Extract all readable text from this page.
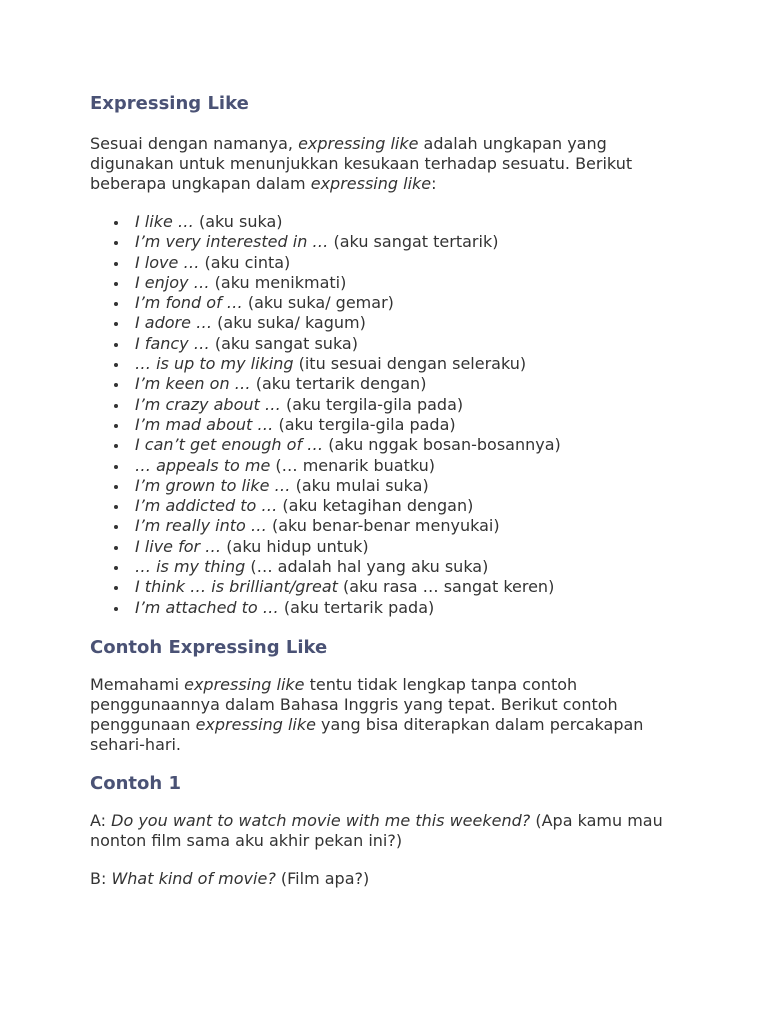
Expressing Like

Sesuai dengan namanya, expressing like adalah ungkapan yang digunakan untuk menunjukkan kesukaan terhadap sesuatu. Berikut beberapa ungkapan dalam expressing like:

I like … (aku suka)
I’m very interested in … (aku sangat tertarik)
I love … (aku cinta)
I enjoy … (aku menikmati)
I’m fond of … (aku suka/ gemar)
I adore … (aku suka/ kagum)
I fancy … (aku sangat suka)
… is up to my liking (itu sesuai dengan seleraku)
I’m keen on … (aku tertarik dengan)
I’m crazy about … (aku tergila-gila pada)
I’m mad about … (aku tergila-gila pada)
I can’t get enough of … (aku nggak bosan-bosannya)
… appeals to me (… menarik buatku)
I’m grown to like … (aku mulai suka)
I’m addicted to … (aku ketagihan dengan)
I’m really into … (aku benar-benar menyukai)
I live for … (aku hidup untuk)
… is my thing (… adalah hal yang aku suka)
I think … is brilliant/great (aku rasa … sangat keren)
I’m attached to … (aku tertarik pada)
Contoh Expressing Like

Memahami expressing like tentu tidak lengkap tanpa contoh penggunaannya dalam Bahasa Inggris yang tepat. Berikut contoh penggunaan expressing like yang bisa diterapkan dalam percakapan sehari-hari.

Contoh 1

A: Do you want to watch movie with me this weekend? (Apa kamu mau nonton film sama aku akhir pekan ini?)

B: What kind of movie? (Film apa?)
